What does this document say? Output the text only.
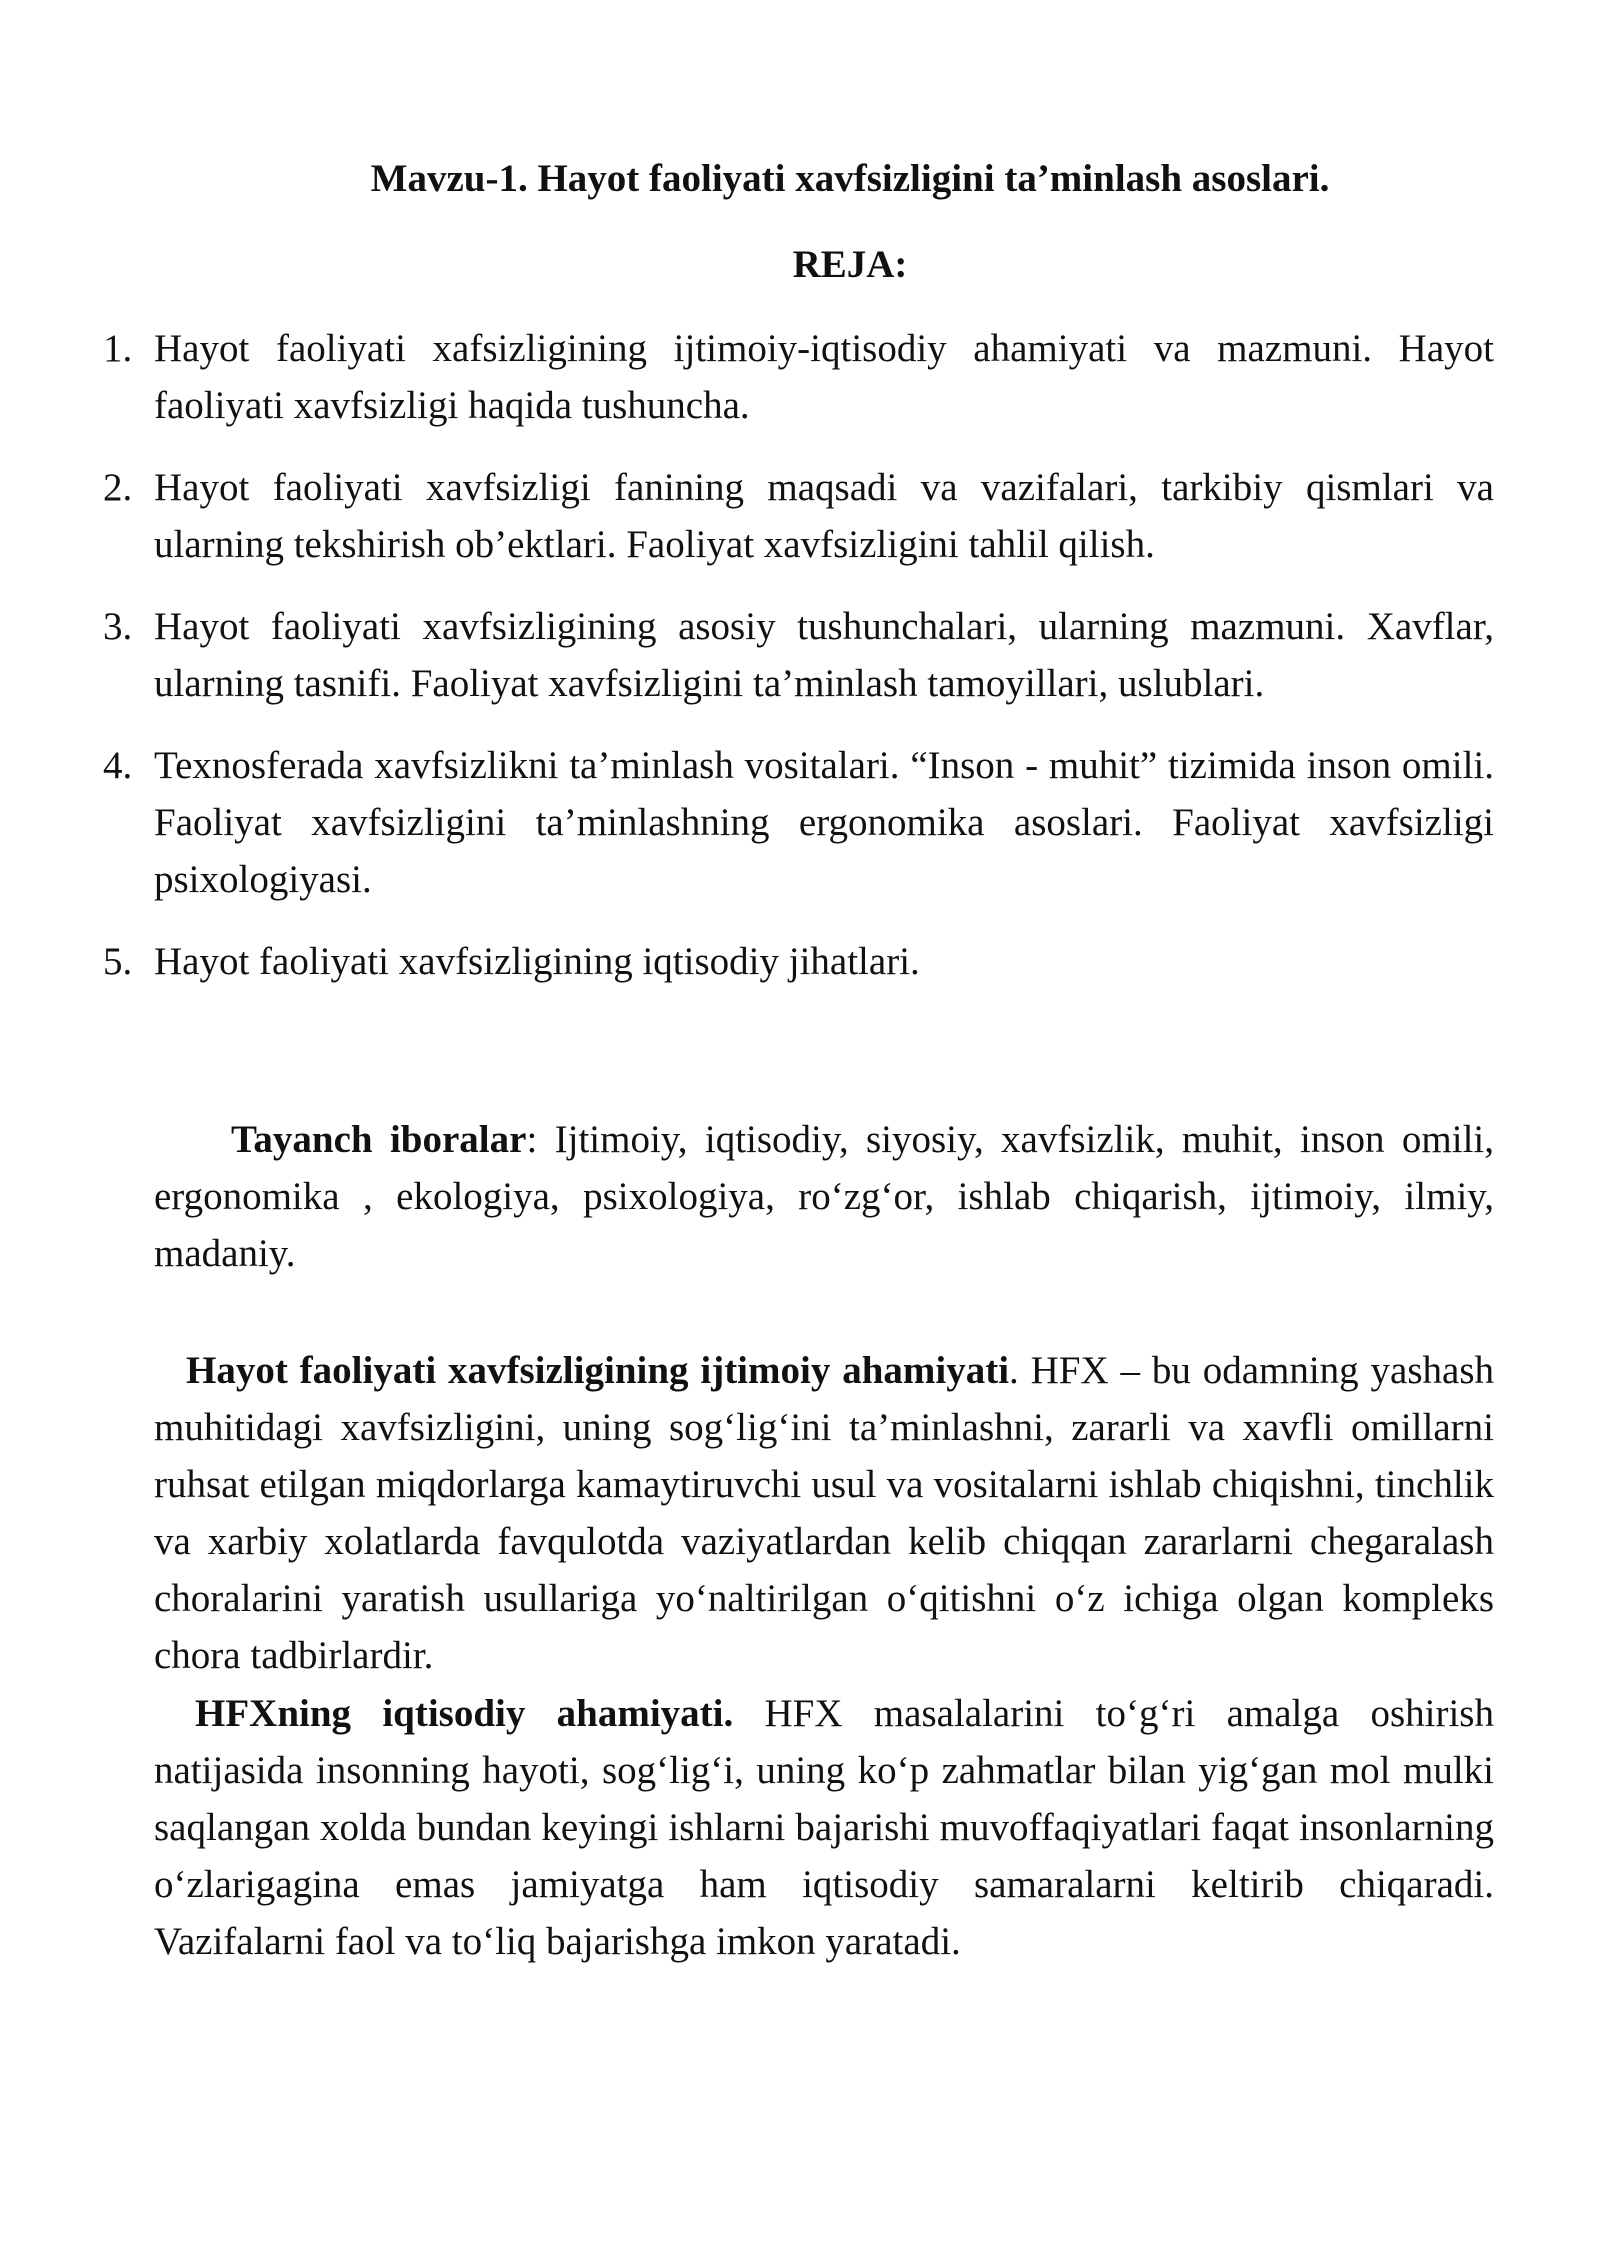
Mavzu-1. Hayot faoliyati xavfsizligini ta’minlash asoslari.
REJA:
1. Hayot faoliyati xafsizligining ijtimoiy-iqtisodiy ahamiyati va mazmuni. Hayot faoliyati xavfsizligi haqida tushuncha.
2. Hayot faoliyati xavfsizligi fanining maqsadi va vazifalari, tarkibiy qismlari va ularning tekshirish ob’ektlari. Faoliyat xavfsizligini tahlil qilish.
3. Hayot faoliyati xavfsizligining asosiy tushunchalari, ularning mazmuni. Xavflar, ularning tasnifi. Faoliyat xavfsizligini ta’minlash tamoyillari, uslublari.
4. Texnosferada xavfsizlikni ta’minlash vositalari. “Inson - muhit” tizimida inson omili. Faoliyat xavfsizligini ta’minlashning ergonomika asoslari. Faoliyat xavfsizligi psixologiyasi.
5. Hayot faoliyati xavfsizligining iqtisodiy jihatlari.

Tayanch iboralar: Ijtimoiy, iqtisodiy, siyosiy, xavfsizlik, muhit, inson omili, ergonomika , ekologiya, psixologiya, ro‘zg‘or, ishlab chiqarish, ijtimoiy, ilmiy, madaniy.

Hayot faoliyati xavfsizligining ijtimoiy ahamiyati. HFX – bu odamning yashash muhitidagi xavfsizligini, uning sog‘lig‘ini ta’minlashni, zararli va xavfli omillarni ruhsat etilgan miqdorlarga kamaytiruvchi usul va vositalarni ishlab chiqishni, tinchlik va xarbiy xolatlarda favqulotda vaziyatlardan kelib chiqqan zararlarni chegaralash choralarini yaratish usullariga yo‘naltirilgan o‘qitishni o‘z ichiga olgan kompleks chora tadbirlardir.

HFXning iqtisodiy ahamiyati. HFX masalalarini to‘g‘ri amalga oshirish natijasida insonning hayoti, sog‘lig‘i, uning ko‘p zahmatlar bilan yig‘gan mol mulki saqlangan xolda bundan keyingi ishlarni bajarishi muvoffaqiyatlari faqat insonlarning o‘zlarigagina emas jamiyatga ham iqtisodiy samaralarni keltirib chiqaradi. Vazifalarni faol va to‘liq bajarishga imkon yaratadi.
